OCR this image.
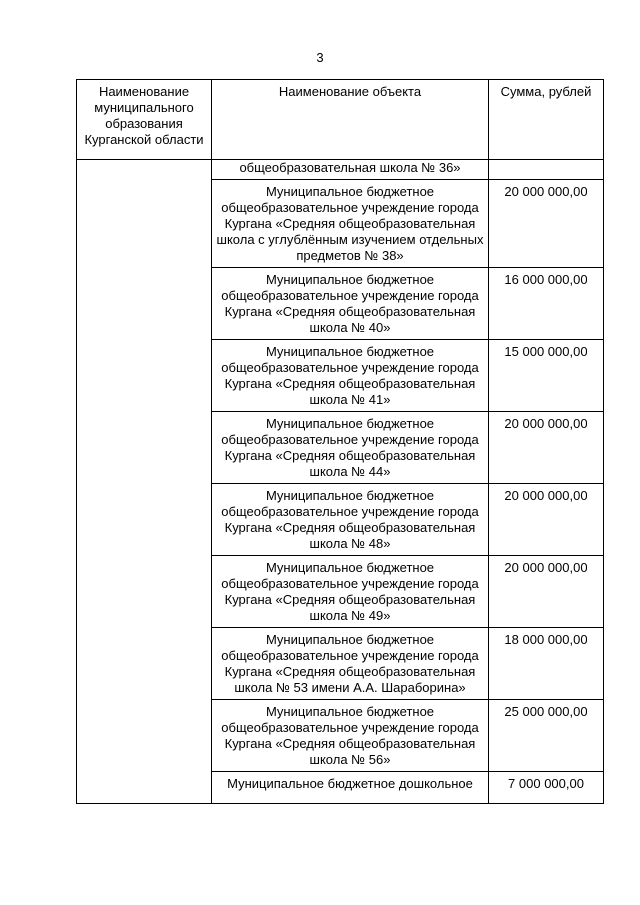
3
Наименование муниципального образования Курганской области	Наименование объекта	Сумма, рублей
	общеобразовательная школа № 36»	
	Муниципальное бюджетное общеобразовательное учреждение города Кургана «Средняя общеобразовательная школа с углублённым изучением отдельных предметов № 38»	20 000 000,00
	Муниципальное бюджетное общеобразовательное учреждение города Кургана «Средняя общеобразовательная школа № 40»	16 000 000,00
	Муниципальное бюджетное общеобразовательное учреждение города Кургана «Средняя общеобразовательная школа № 41»	15 000 000,00
	Муниципальное бюджетное общеобразовательное учреждение города Кургана «Средняя общеобразовательная школа № 44»	20 000 000,00
	Муниципальное бюджетное общеобразовательное учреждение города Кургана «Средняя общеобразовательная школа № 48»	20 000 000,00
	Муниципальное бюджетное общеобразовательное учреждение города Кургана «Средняя общеобразовательная школа № 49»	20 000 000,00
	Муниципальное бюджетное общеобразовательное учреждение города Кургана «Средняя общеобразовательная школа № 53 имени А.А. Шараборина»	18 000 000,00
	Муниципальное бюджетное общеобразовательное учреждение города Кургана «Средняя общеобразовательная школа № 56»	25 000 000,00
	Муниципальное бюджетное дошкольное	7 000 000,00
